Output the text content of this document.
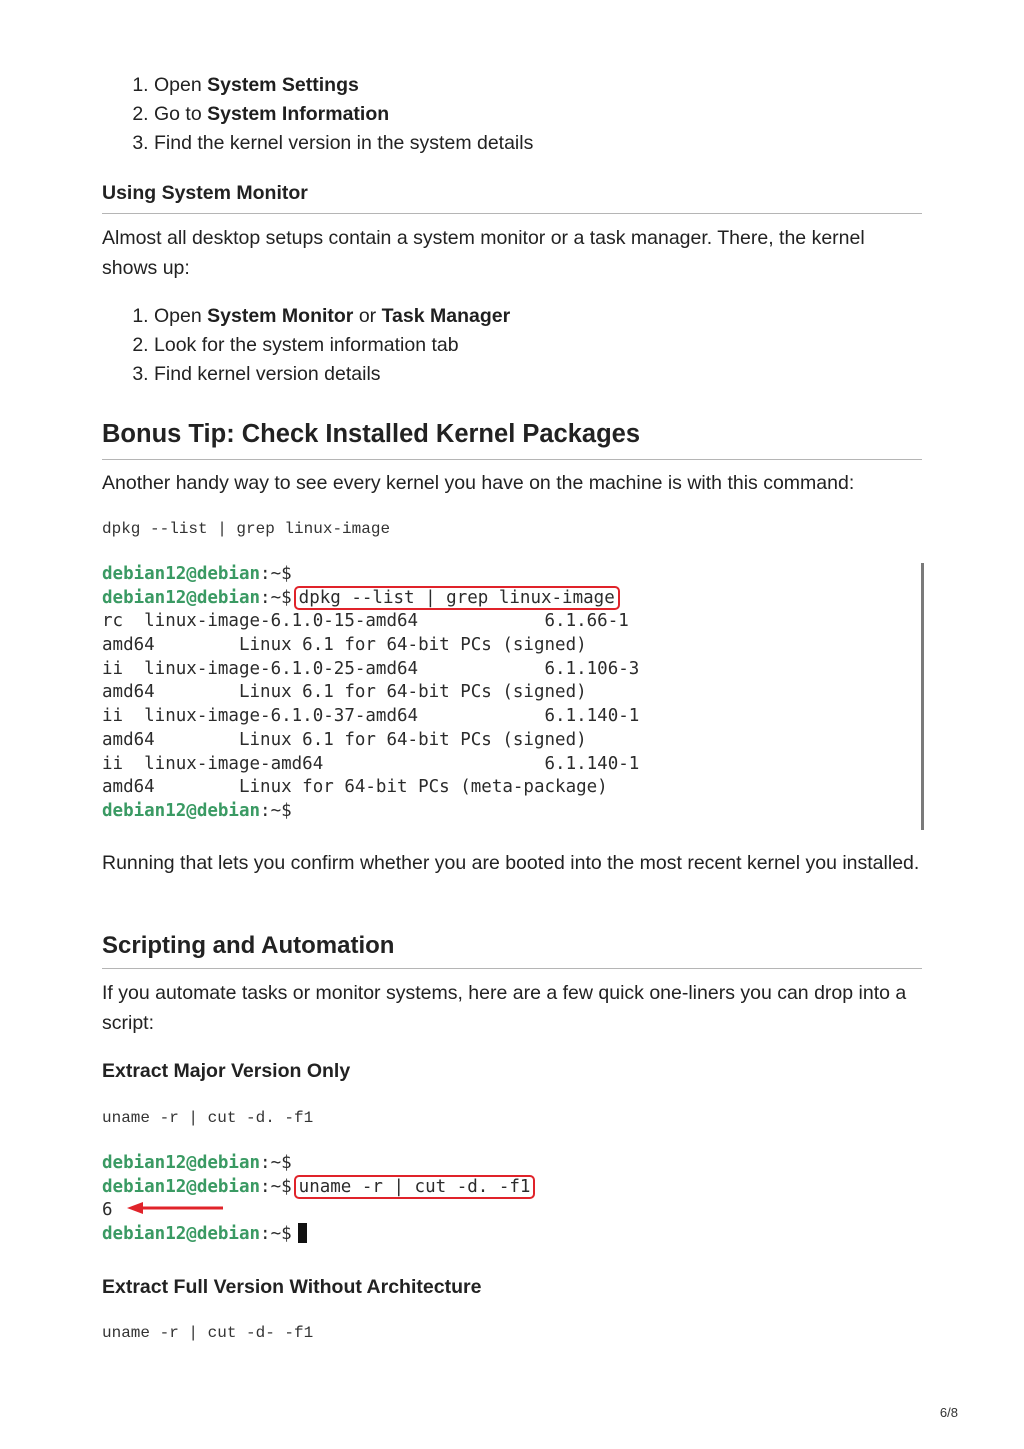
1. Open System Settings
2. Go to System Information
3. Find the kernel version in the system details
Using System Monitor

Almost all desktop setups contain a system monitor or a task manager. There, the kernel shows up:

1. Open System Monitor or Task Manager
2. Look for the system information tab
3. Find kernel version details
Bonus Tip: Check Installed Kernel Packages

Another handy way to see every kernel you have on the machine is with this command:

dpkg --list | grep linux-image
debian12@debian:~$
debian12@debian:~$ dpkg --list | grep linux-image
rc  linux-image-6.1.0-15-amd64            6.1.66-1
amd64        Linux 6.1 for 64-bit PCs (signed)
ii  linux-image-6.1.0-25-amd64            6.1.106-3
amd64        Linux 6.1 for 64-bit PCs (signed)
ii  linux-image-6.1.0-37-amd64            6.1.140-1
amd64        Linux 6.1 for 64-bit PCs (signed)
ii  linux-image-amd64                     6.1.140-1
amd64        Linux for 64-bit PCs (meta-package)
debian12@debian:~$

Running that lets you confirm whether you are booted into the most recent kernel you installed.

Scripting and Automation

If you automate tasks or monitor systems, here are a few quick one-liners you can drop into a script:

Extract Major Version Only
uname -r | cut -d. -f1
debian12@debian:~$
debian12@debian:~$ uname -r | cut -d. -f1
6
debian12@debian:~$
Extract Full Version Without Architecture
uname -r | cut -d- -f1
6/8
